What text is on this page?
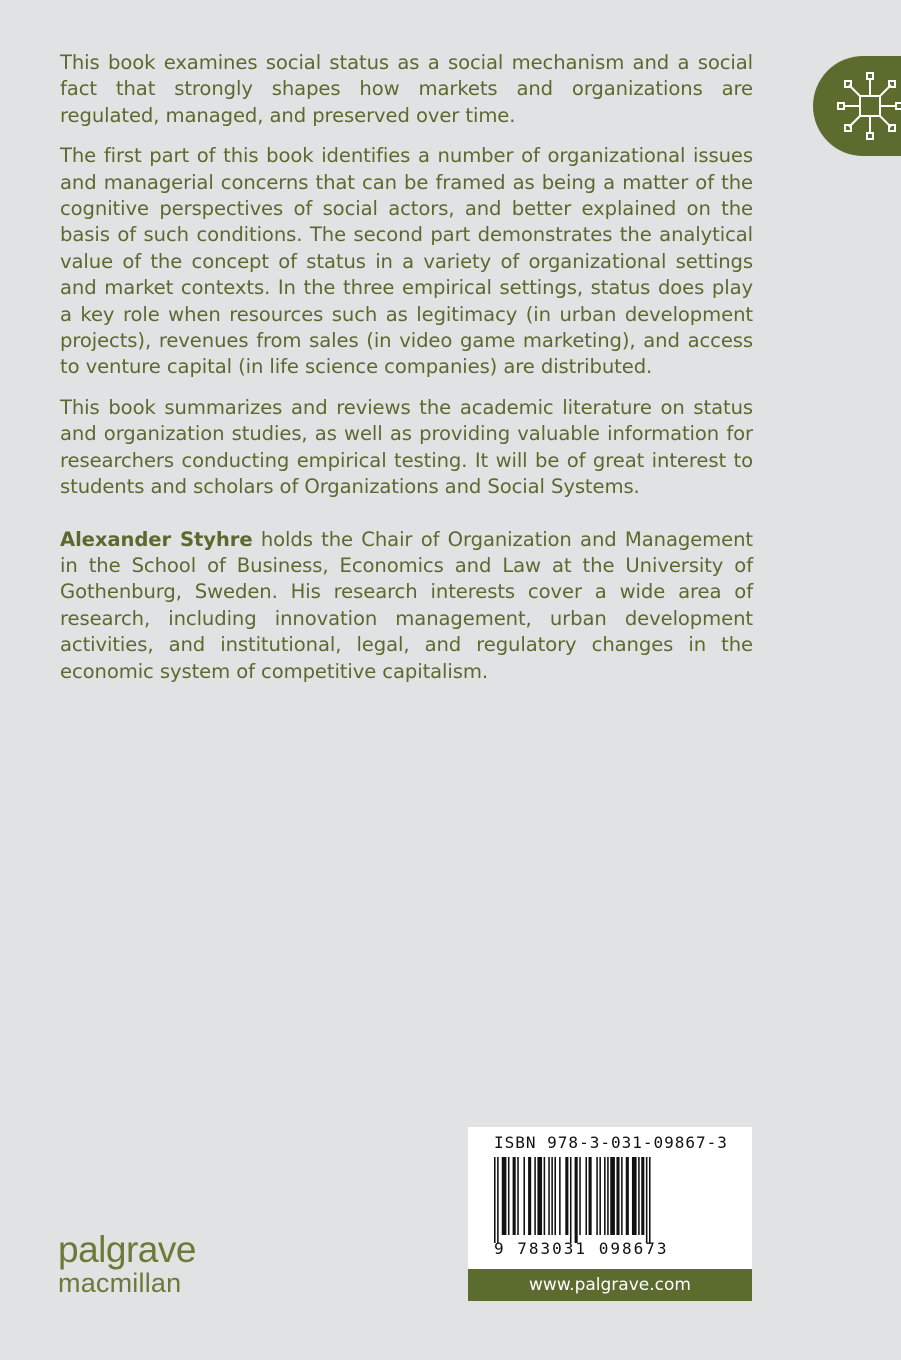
This book examines social status as a social mechanism and a social fact that strongly shapes how markets and organizations are regulated, managed, and preserved over time.

The first part of this book identifies a number of organizational issues and managerial concerns that can be framed as being a matter of the cognitive perspectives of social actors, and better explained on the basis of such conditions. The second part demonstrates the analytical value of the concept of status in a variety of organizational settings and market contexts. In the three empirical settings, status does play a key role when resources such as legitimacy (in urban development projects), revenues from sales (in video game marketing), and access to venture capital (in life science companies) are distributed.

This book summarizes and reviews the academic literature on status and organization studies, as well as providing valuable information for researchers conducting empirical testing. It will be of great interest to students and scholars of Organizations and Social Systems.

Alexander Styhre holds the Chair of Organization and Management in the School of Business, Economics and Law at the University of Gothenburg, Sweden. His research interests cover a wide area of research, including innovation management, urban development activities, and institutional, legal, and regulatory changes in the economic system of competitive capitalism.

ISBN 978-3-031-09867-3
9 783031 098673
www.palgrave.com
palgrave
macmillan
